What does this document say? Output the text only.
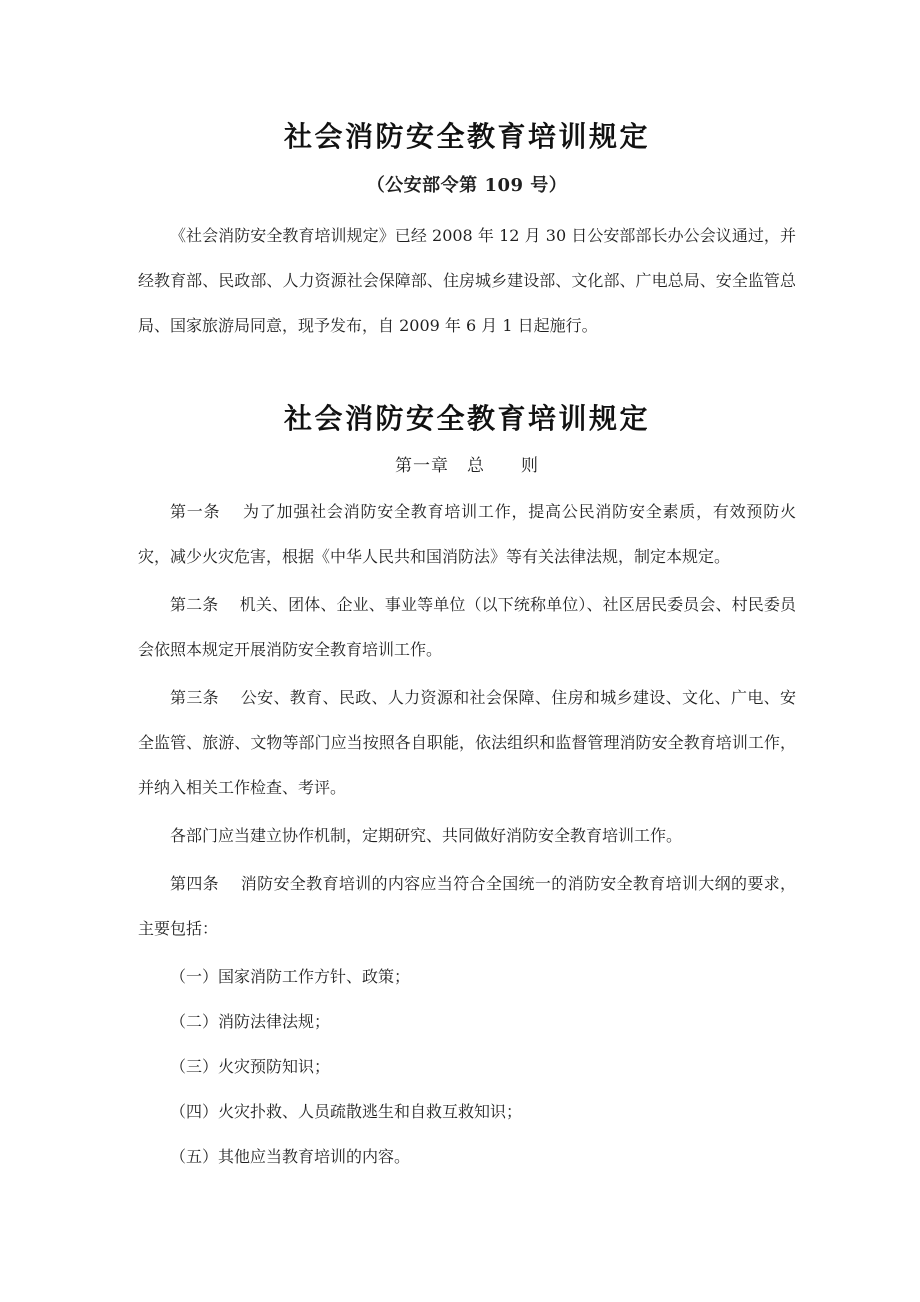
社会消防安全教育培训规定

（公安部令第 109 号）

《社会消防安全教育培训规定》已经 2008 年 12 月 30 日公安部部长办公会议通过，并经教育部、民政部、人力资源社会保障部、住房城乡建设部、文化部、广电总局、安全监管总局、国家旅游局同意，现予发布，自 2009 年 6 月 1 日起施行。

社会消防安全教育培训规定
第一章　总　　则

第一条　 为了加强社会消防安全教育培训工作，提高公民消防安全素质，有效预防火灾，减少火灾危害，根据《中华人民共和国消防法》等有关法律法规，制定本规定。

第二条　 机关、团体、企业、事业等单位（以下统称单位）、社区居民委员会、村民委员会依照本规定开展消防安全教育培训工作。

第三条　 公安、教育、民政、人力资源和社会保障、住房和城乡建设、文化、广电、安全监管、旅游、文物等部门应当按照各自职能，依法组织和监督管理消防安全教育培训工作，并纳入相关工作检查、考评。

各部门应当建立协作机制，定期研究、共同做好消防安全教育培训工作。

第四条　 消防安全教育培训的内容应当符合全国统一的消防安全教育培训大纲的要求，主要包括：

（一）国家消防工作方针、政策；

（二）消防法律法规；

（三）火灾预防知识；

（四）火灾扑救、人员疏散逃生和自救互救知识；

（五）其他应当教育培训的内容。
